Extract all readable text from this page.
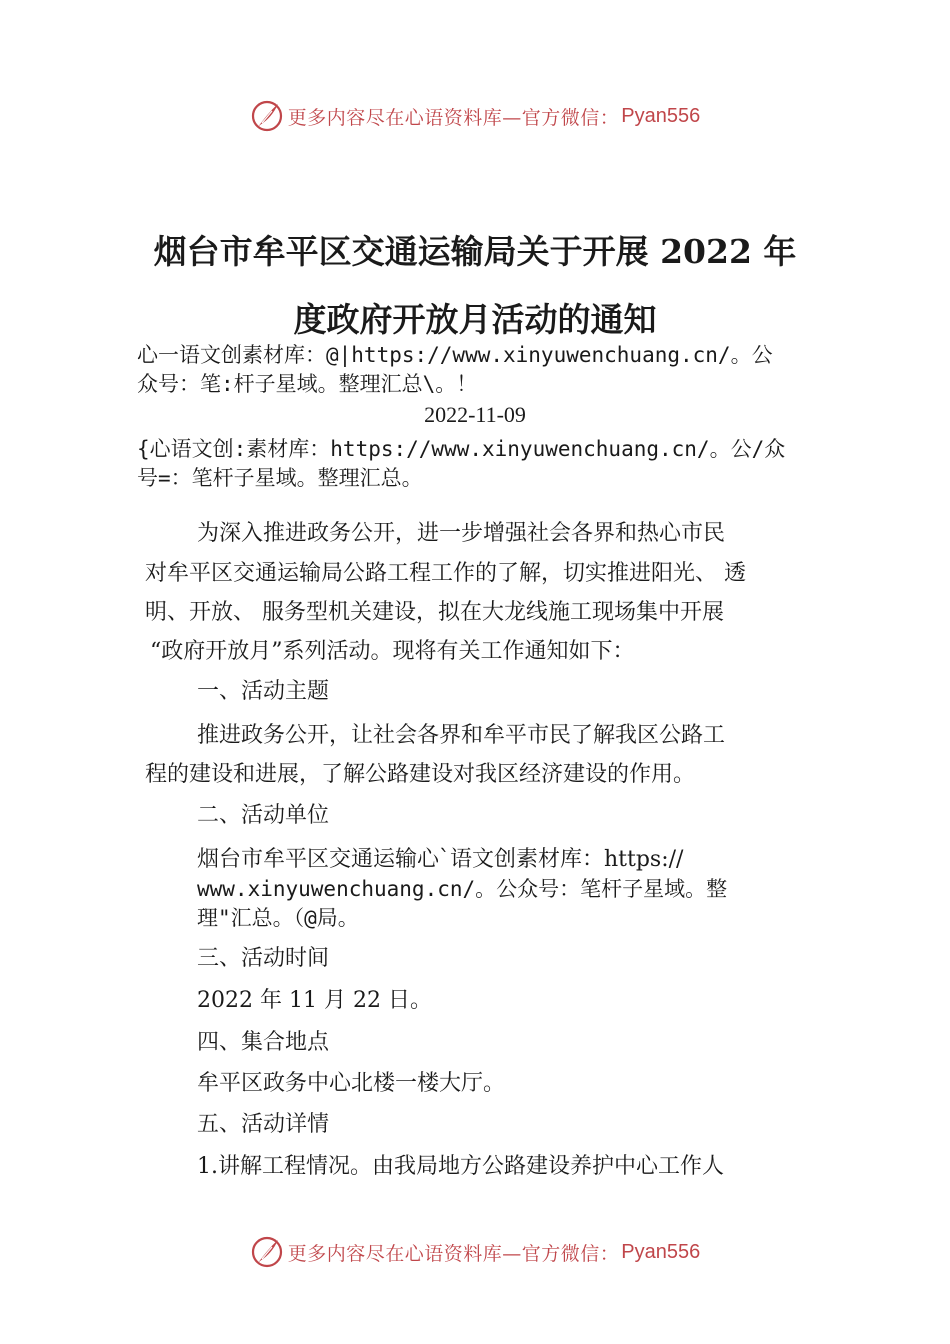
更多内容尽在心语资料库—官方微信： Pyan556
烟台市牟平区交通运输局关于开展 2022 年
度政府开放月活动的通知
心一语文创素材库：@|https://www.xinyuwenchuang.cn/。公
众号：笔:杆子星域。整理汇总\。！
2022-11-09
{心语文创:素材库：https://www.xinyuwenchuang.cn/。公/众
号=：笔杆子星域。整理汇总。
为深入推进政务公开，进一步增强社会各界和热心市民
对牟平区交通运输局公路工程工作的了解，切实推进阳光、 透
明、开放、 服务型机关建设，拟在大龙线施工现场集中开展
“政府开放月”系列活动。现将有关工作通知如下：
一、活动主题
推进政务公开，让社会各界和牟平市民了解我区公路工
程的建设和进展，了解公路建设对我区经济建设的作用。
二、活动单位
烟台市牟平区交通运输心`语文创素材库：https://
www.xinyuwenchuang.cn/。公众号：笔杆子星域。整
理"汇总。（@局。
三、活动时间
2022 年 11 月 22 日。
四、集合地点
牟平区政务中心北楼一楼大厅。
五、活动详情
1.讲解工程情况。由我局地方公路建设养护中心工作人
更多内容尽在心语资料库—官方微信： Pyan556
